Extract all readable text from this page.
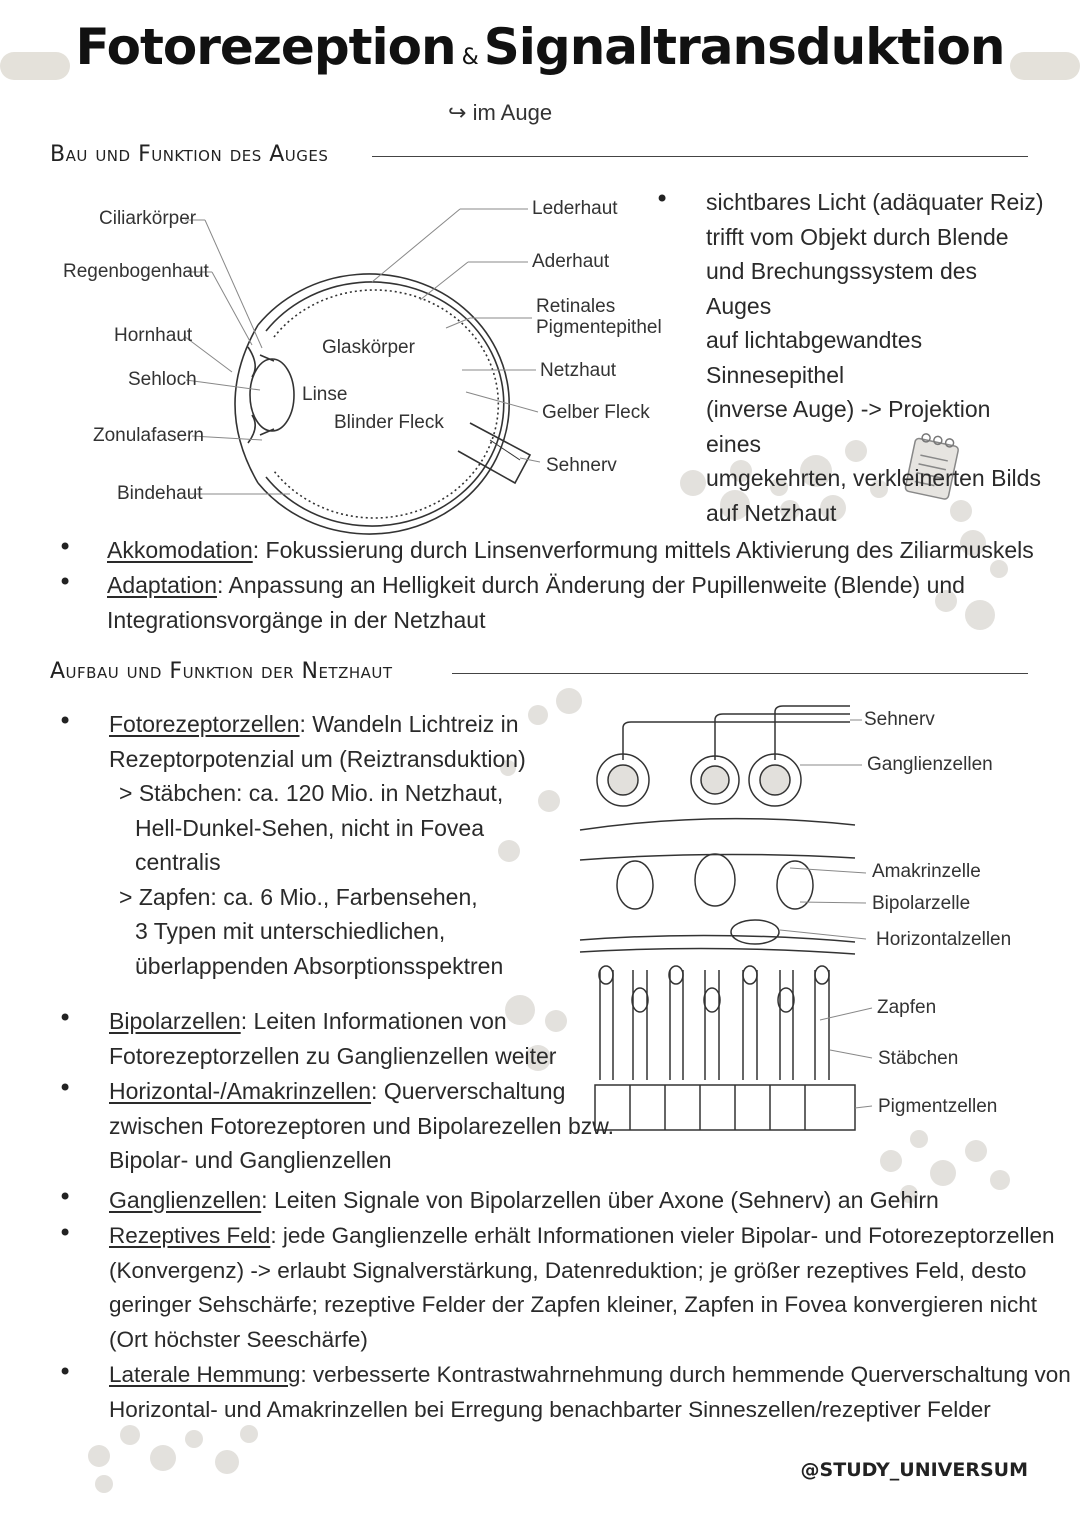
Fotorezeption & Signaltransduktion
↪ im Auge
Bau und Funktion des Auges
Ciliarkörper
Regenbogenhaut
Hornhaut
Sehloch
Zonulafasern
Bindehaut
Glaskörper
Linse
Blinder Fleck
Lederhaut
Aderhaut
Retinales
Pigmentepithel
Netzhaut
Gelber Fleck
Sehnerv
• sichtbares Licht (adäquater Reiz)
trifft vom Objekt durch Blende
und Brechungssystem des Auges
auf lichtabgewandtes Sinnesepithel
(inverse Auge) -> Projektion eines
umgekehrten, verkleinerten Bilds
auf Netzhaut
• Akkomodation: Fokussierung durch Linsenverformung mittels Aktivierung des Ziliarmuskels
• Adaptation: Anpassung an Helligkeit durch Änderung der Pupillenweite (Blende) und
Integrationsvorgänge in der Netzhaut
Aufbau und Funktion der Netzhaut
Sehnerv
Ganglienzellen
Amakrinzelle
Bipolarzelle
Horizontalzellen
Zapfen
Stäbchen
Pigmentzellen
• Fotorezeptorzellen: Wandeln Lichtreiz in
Rezeptorpotenzial um (Reiztransduktion)
> Stäbchen: ca. 120 Mio. in Netzhaut,
Hell-Dunkel-Sehen, nicht in Fovea
centralis
> Zapfen: ca. 6 Mio., Farbensehen,
3 Typen mit unterschiedlichen,
überlappenden Absorptionsspektren
• Bipolarzellen: Leiten Informationen von
Fotorezeptorzellen zu Ganglienzellen weiter
• Horizontal-/Amakrinzellen: Querverschaltung
zwischen Fotorezeptoren und Bipolarezellen bzw.
Bipolar- und Ganglienzellen
• Ganglienzellen: Leiten Signale von Bipolarzellen über Axone (Sehnerv) an Gehirn
• Rezeptives Feld: jede Ganglienzelle erhält Informationen vieler Bipolar- und Fotorezeptorzellen
(Konvergenz) -> erlaubt Signalverstärkung, Datenreduktion; je größer rezeptives Feld, desto
geringer Sehschärfe; rezeptive Felder der Zapfen kleiner, Zapfen in Fovea konvergieren nicht
(Ort höchster Seeschärfe)
• Laterale Hemmung: verbesserte Kontrastwahrnehmung durch hemmende Querverschaltung von
Horizontal- und Amakrinzellen bei Erregung benachbarter Sinneszellen/rezeptiver Felder
@STUDY_UNIVERSUM
